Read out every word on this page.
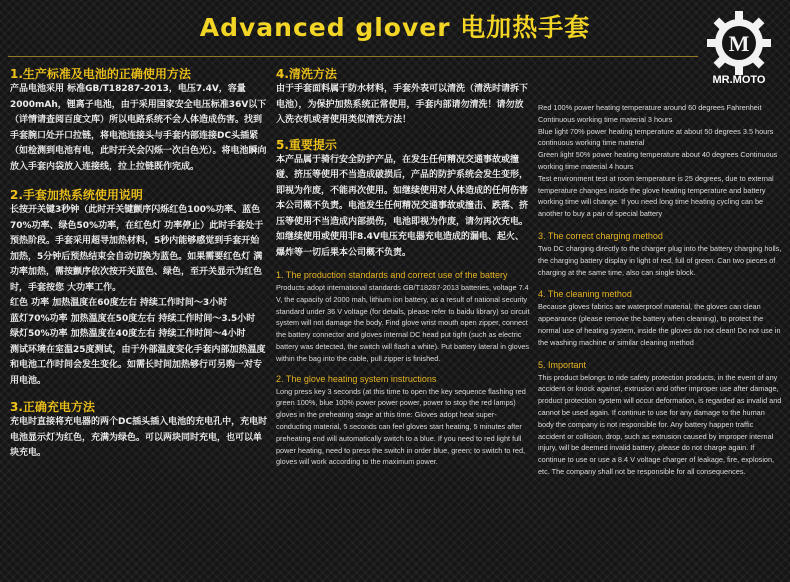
Advanced glover 电加热手套
M
MR.MOTO

1.生产标准及电池的正确使用方法

产品电池采用 标准GB/T18287-2013，电压7.4V，容量2000mAh，锂离子电池，由于采用国家安全电压标准36V以下（详情请查阅百度文库）所以电路系统不会人体造成伤害。找到手套腕口处开口拉链，将电池连接头与手套内部连接DC头插紧（如检测到电池有电，此时开关会闪烁一次白色光）。将电池瞬向放入手套内袋放入连接线，拉上拉链既作完成。

2.手套加热系统使用说明

长按开关键3秒钟（此时开关键颤序闪烁红色100%功率、蓝色70%功率、绿色50%功率，在红色灯 功率停止）此时手套处于预热阶段。手套采用超导加热材料，5秒内能够感觉到手套开始加热，5分钟后预热结束会自动切换为蓝色。如果需要红色灯 满功率加热，需按颤序依次按开关蓝色、绿色，至开关显示为红色时，手套按您 大功率工作。

红色 功率 加热温度在60度左右 持续工作时间～3小时
蓝灯70%功率 加热温度在50度左右 持续工作时间～3.5小时
绿灯50%功率 加热温度在40度左右 持续工作时间～4小时
测试环境在室温25度测试，由于外部温度变化手套内部加热温度和电池工作时间会发生变化。如需长时间加热够行可另购一对专用电池。

3.正确充电方法

充电时直接将充电器的两个DC插头插入电池的充电孔中，充电时电池显示灯为红色，充满为绿色。可以两块同时充电，也可以单块充电。

4.清洗方法

由于手套面料属于防水材料，手套外表可以清洗（清洗时请拆下电池），为保护加热系统正常使用，手套内部请勿清洗！请勿放入洗衣机或者使用类似清洗方法！

5.重要提示

本产品属于骑行安全防护产品，在发生任何精况交通事故或撞碰、挤压等使用不当造成破损后，产品的防护系统会发生变形，即视为作废，不能再次使用。如继续使用对人体造成的任何伤害本公司概不负责。电池发生任何精况交通事故或撞击、跌落、挤压等使用不当造成内部损伤，电池即视为作废，请勿再次充电。如继续使用或使用非8.4V电压充电器充电造成的漏电、起火、爆炸等一切后果本公司概不负责。

1. The production standards and correct use of the battery

Products adopt international standards GB/T18287-2013 batteries, voltage 7.4 V, the capacity of 2000 mah, lithium ion battery, as a result of national security standard under 36 V voltage (for details, please refer to baidu library) so circuit system will not damage the body. Find glove wrist mouth open zipper, connect the battery connector and gloves internal DC head put tight (such as electric battery was detected, the switch will flash a white). Put battery lateral in gloves within the bag into the cable, pull zipper is finished.

2. The glove heating system instructions

Long press key 3 seconds (at this time to open the key sequence flashing red green 100%, blue 100% power power power, power to stop the red lamps) gloves in the preheating stage at this time: Gloves adopt heat super-conducting material, 5 seconds can feel gloves start heating, 5 minutes after preheating end will automatically switch to a blue. If you need to red light full power heating, need to press the switch in order blue, green; to switch to red, gloves will work according to the maximum power.

Red 100% power heating temperature around 60 degrees Fahrenheit Continuous working time material 3 hours
Blue light 70% power heating temperature at about 50 degrees 3.5 hours continuous working time material
Green light 50% power heating temperature about 40 degrees Continuous working time material 4 hours
Test environment test at room temperature is 25 degrees, due to external temperature changes inside the glove heating temperature and battery working time will change. If you need long time heating cycling can be another to buy a pair of special battery

3. The correct charging method

Two DC charging directly to the charger plug into the battery charging holls, the charging battery display in light of red, full of green. Can two pieces of charging at the same time, also can single block.

4. The cleaning method

Because gloves fabrics are waterproof material, the gloves can clean appearance (please remove the battery when cleaning), to protect the normal use of heating system, inside the gloves do not clean! Do not use in the washing machine or similar cleaning method

5. Important

This product belongs to ride safety protection products, in the event of any accident or knock against, extrusion and other improper use after damage, product protection system will occur deformation, is regarded as invalid and cannot be used again. If continue to use for any damage to the human body the company is not responsible for. Any battery happen traffic accident or collision, drop, such as extrusion caused by improper internal injury, will be deemed invalid battery, please do not charge again. If continue to use or use a 8.4 V voltage charger of leakage, fire, explosion, etc. The company shall not be responsible for all consequences.
